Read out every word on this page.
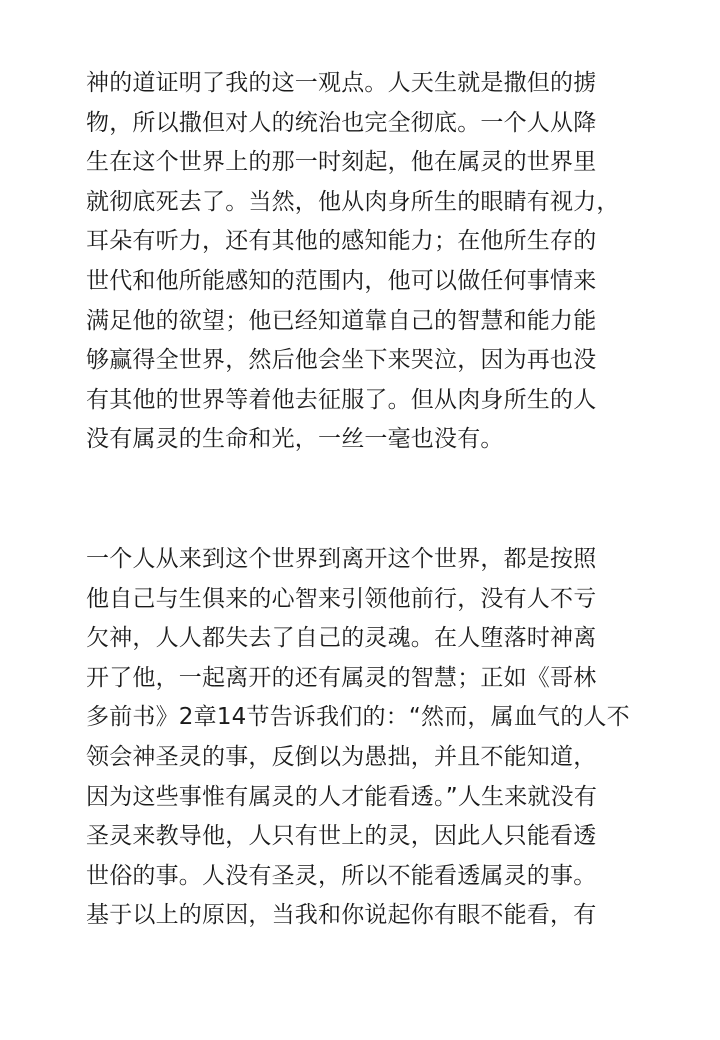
神的道证明了我的这一观点。人天生就是撒但的掳
物，所以撒但对人的统治也完全彻底。一个人从降
生在这个世界上的那一时刻起，他在属灵的世界里
就彻底死去了。当然，他从肉身所生的眼睛有视力，
耳朵有听力，还有其他的感知能力；在他所生存的
世代和他所能感知的范围内，他可以做任何事情来
满足他的欲望；他已经知道靠自己的智慧和能力能
够赢得全世界，然后他会坐下来哭泣，因为再也没
有其他的世界等着他去征服了。但从肉身所生的人
没有属灵的生命和光，一丝一毫也没有。
一个人从来到这个世界到离开这个世界，都是按照
他自己与生俱来的心智来引领他前行，没有人不亏
欠神，人人都失去了自己的灵魂。在人堕落时神离
开了他，一起离开的还有属灵的智慧；正如《哥林
多前书》2章14节告诉我们的：“然而，属血气的人不
领会神圣灵的事，反倒以为愚拙，并且不能知道，
因为这些事惟有属灵的人才能看透。”人生来就没有
圣灵来教导他，人只有世上的灵，因此人只能看透
世俗的事。人没有圣灵，所以不能看透属灵的事。
基于以上的原因，当我和你说起你有眼不能看，有
